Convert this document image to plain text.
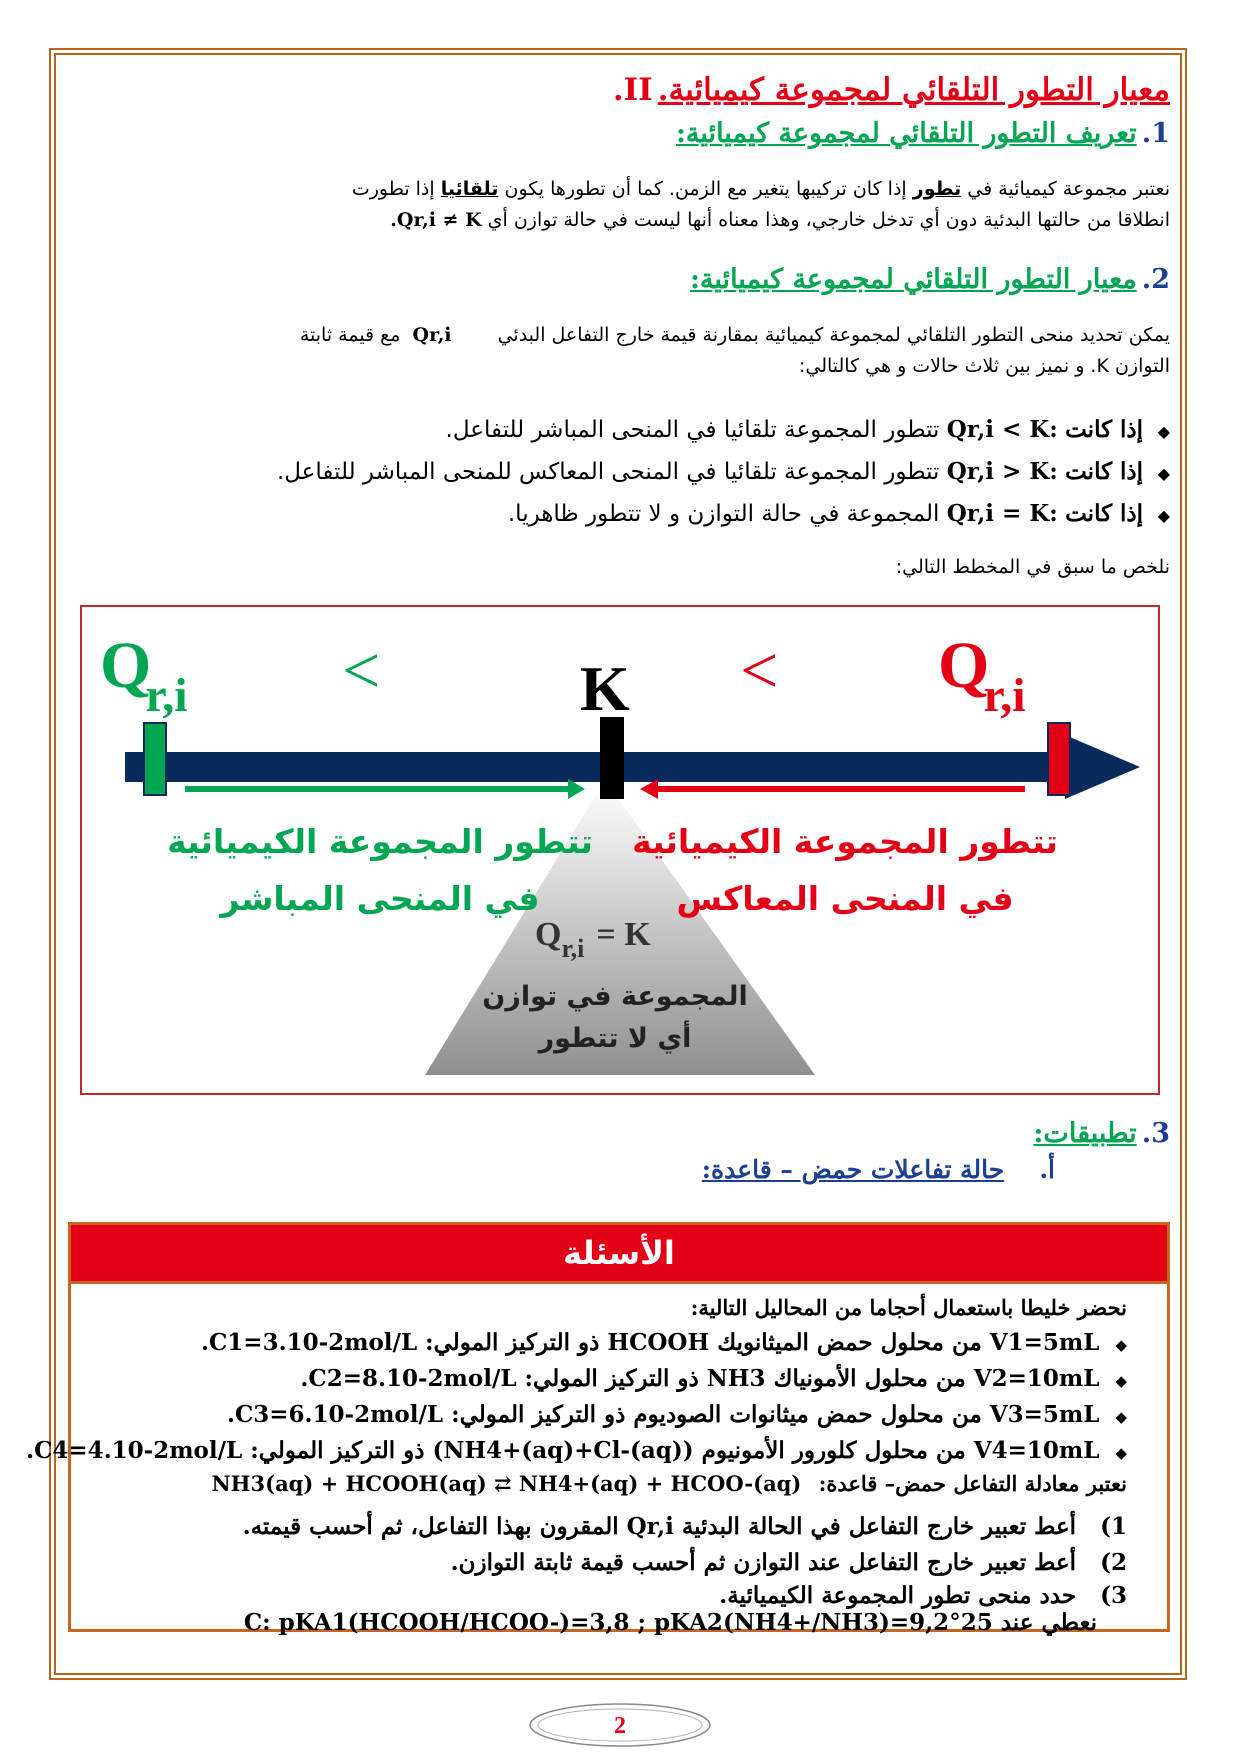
معيار التطور التلقائي لمجموعة كيميائية. II.
1. تعريف التطور التلقائي لمجموعة كيميائية:
نعتبر مجموعة كيميائية في تطور إذا كان تركيبها يتغير مع الزمن. كما أن تطورها يكون تلقائيا إذا تطورت
انطلاقا من حالتها البدئية دون أي تدخل خارجي، وهذا معناه أنها ليست في حالة توازن أي Qr,i ≠ K.
2. معيار التطور التلقائي لمجموعة كيميائية:
يمكن تحديد منحى التطور التلقائي لمجموعة كيميائية بمقارنة قيمة خارج التفاعل البدئي Qr,i مع قيمة ثابتة
التوازن K. و نميز بين ثلاث حالات و هي كالتالي:
◆  إذا كانت Qr,i < K: تتطور المجموعة تلقائيا في المنحى المباشر للتفاعل.
◆  إذا كانت Qr,i > K: تتطور المجموعة تلقائيا في المنحى المعاكس للمنحى المباشر للتفاعل.
◆  إذا كانت Qr,i = K: المجموعة في حالة التوازن و لا تتطور ظاهريا.
نلخص ما سبق في المخطط التالي:
Qr,i <	K < Qr,i
تتطور المجموعة الكيميائية
في المنحى المباشر
تتطور المجموعة الكيميائية
في المنحى المعاكس
$Q_{r,i} = K$
المجموعة في توازن
أي لا تتطور
3. تطبيقات:
أ. حالة تفاعلات حمض – قاعدة:
الأسئلة
نحضر خليطا باستعمال أحجاما من المحاليل التالية:
◆  V1=5mL من محلول حمض الميثانويك HCOOH ذو التركيز المولي: C1=3.10-2mol/L.
◆  V2=10mL من محلول الأمونياك NH3 ذو التركيز المولي: C2=8.10-2mol/L.
◆  V3=5mL من محلول حمض ميثانوات الصوديوم ذو التركيز المولي: C3=6.10-2mol/L.
◆  V4=10mL من محلول كلورور الأمونيوم (NH4+(aq)+Cl-(aq)) ذو التركيز المولي: C4=4.10-2mol/L.
نعتبر معادلة التفاعل حمض– قاعدة: NH3(aq) + HCOOH(aq) ⇄ NH4+(aq) + HCOO-(aq)
1)   أعط تعبير خارج التفاعل في الحالة البدئية Qr,i المقرون بهذا التفاعل، ثم أحسب قيمته.
2)   أعط تعبير خارج التفاعل عند التوازن ثم أحسب قيمة ثابتة التوازن.
3)   حدد منحى تطور المجموعة الكيميائية.
نعطي عند 25°C: pKA1(HCOOH/HCOO-)=3,8 ; pKA2(NH4+/NH3)=9,2
2
